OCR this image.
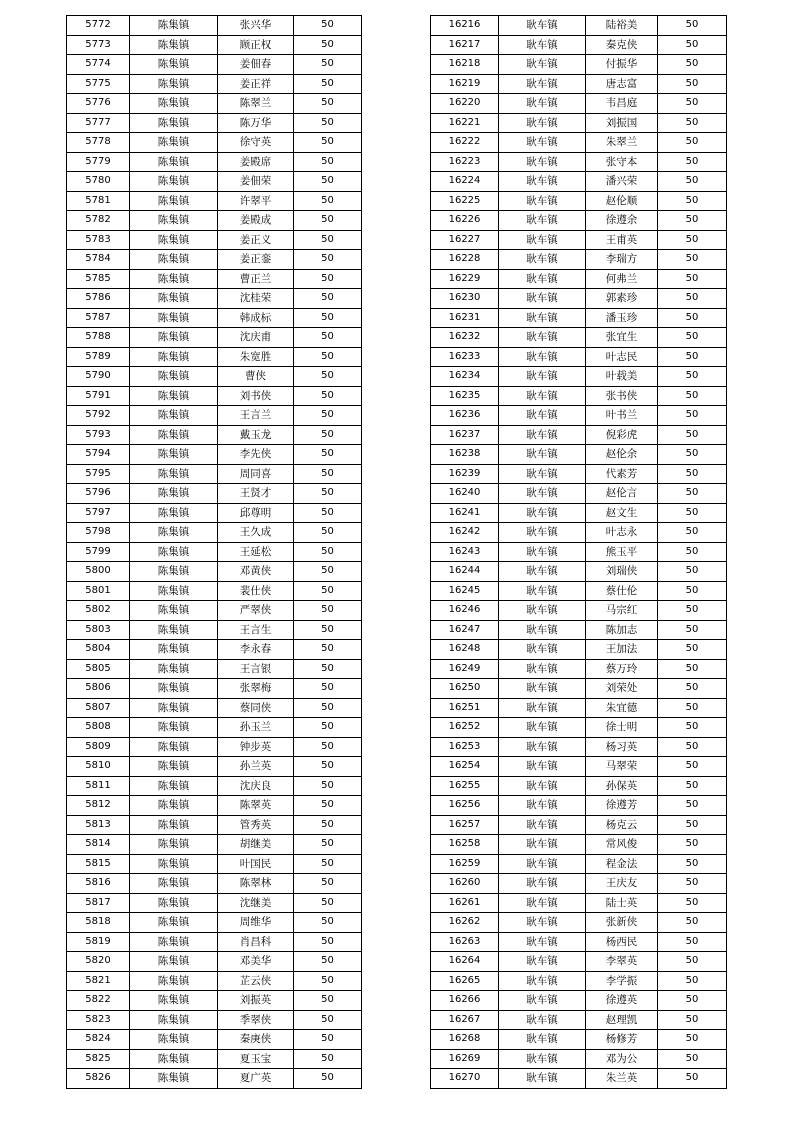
5772	陈集镇	张兴华	50
5773	陈集镇	顾正权	50
5774	陈集镇	姜佃春	50
5775	陈集镇	姜正祥	50
5776	陈集镇	陈翠兰	50
5777	陈集镇	陈万华	50
5778	陈集镇	徐守英	50
5779	陈集镇	姜殿席	50
5780	陈集镇	姜佃荣	50
5781	陈集镇	许翠平	50
5782	陈集镇	姜殿成	50
5783	陈集镇	姜正义	50
5784	陈集镇	姜正銮	50
5785	陈集镇	曹正兰	50
5786	陈集镇	沈桂荣	50
5787	陈集镇	韩成标	50
5788	陈集镇	沈庆甫	50
5789	陈集镇	朱宽胜	50
5790	陈集镇	曹侠	50
5791	陈集镇	刘书侠	50
5792	陈集镇	王言兰	50
5793	陈集镇	戴玉龙	50
5794	陈集镇	李先侠	50
5795	陈集镇	周同喜	50
5796	陈集镇	王贤才	50
5797	陈集镇	邱尊明	50
5798	陈集镇	王久成	50
5799	陈集镇	王延松	50
5800	陈集镇	邓黄侠	50
5801	陈集镇	裴仕侠	50
5802	陈集镇	严翠侠	50
5803	陈集镇	王言生	50
5804	陈集镇	李永春	50
5805	陈集镇	王言银	50
5806	陈集镇	张翠梅	50
5807	陈集镇	蔡同侠	50
5808	陈集镇	孙玉兰	50
5809	陈集镇	钟步英	50
5810	陈集镇	孙兰英	50
5811	陈集镇	沈庆良	50
5812	陈集镇	陈翠英	50
5813	陈集镇	管秀英	50
5814	陈集镇	胡继美	50
5815	陈集镇	叶国民	50
5816	陈集镇	陈翠林	50
5817	陈集镇	沈继美	50
5818	陈集镇	周维华	50
5819	陈集镇	肖昌科	50
5820	陈集镇	邓美华	50
5821	陈集镇	芷云侠	50
5822	陈集镇	刘振英	50
5823	陈集镇	季翠侠	50
5824	陈集镇	秦庚侠	50
5825	陈集镇	夏玉宝	50
5826	陈集镇	夏广英	50
16216	耿车镇	陆裕美	50
16217	耿车镇	秦克侠	50
16218	耿车镇	付振华	50
16219	耿车镇	唐志富	50
16220	耿车镇	韦昌庭	50
16221	耿车镇	刘振国	50
16222	耿车镇	朱翠兰	50
16223	耿车镇	张守本	50
16224	耿车镇	潘兴荣	50
16225	耿车镇	赵伦顺	50
16226	耿车镇	徐遵余	50
16227	耿车镇	王甫英	50
16228	耿车镇	李瑞方	50
16229	耿车镇	何弗兰	50
16230	耿车镇	郭素珍	50
16231	耿车镇	潘玉珍	50
16232	耿车镇	张宜生	50
16233	耿车镇	叶志民	50
16234	耿车镇	叶载美	50
16235	耿车镇	张书侠	50
16236	耿车镇	叶书兰	50
16237	耿车镇	倪彩虎	50
16238	耿车镇	赵伦余	50
16239	耿车镇	代素芳	50
16240	耿车镇	赵伦言	50
16241	耿车镇	赵文生	50
16242	耿车镇	叶志永	50
16243	耿车镇	熊玉平	50
16244	耿车镇	刘瑞侠	50
16245	耿车镇	蔡仕伦	50
16246	耿车镇	马宗红	50
16247	耿车镇	陈加志	50
16248	耿车镇	王加法	50
16249	耿车镇	蔡万玲	50
16250	耿车镇	刘荣处	50
16251	耿车镇	朱宜德	50
16252	耿车镇	徐士明	50
16253	耿车镇	杨习英	50
16254	耿车镇	马翠荣	50
16255	耿车镇	孙保英	50
16256	耿车镇	徐遵芳	50
16257	耿车镇	杨克云	50
16258	耿车镇	常风俊	50
16259	耿车镇	程金法	50
16260	耿车镇	王庆友	50
16261	耿车镇	陆士英	50
16262	耿车镇	张新侠	50
16263	耿车镇	杨西民	50
16264	耿车镇	李翠英	50
16265	耿车镇	李学振	50
16266	耿车镇	徐遵英	50
16267	耿车镇	赵理凯	50
16268	耿车镇	杨修芳	50
16269	耿车镇	邓为公	50
16270	耿车镇	朱兰英	50
